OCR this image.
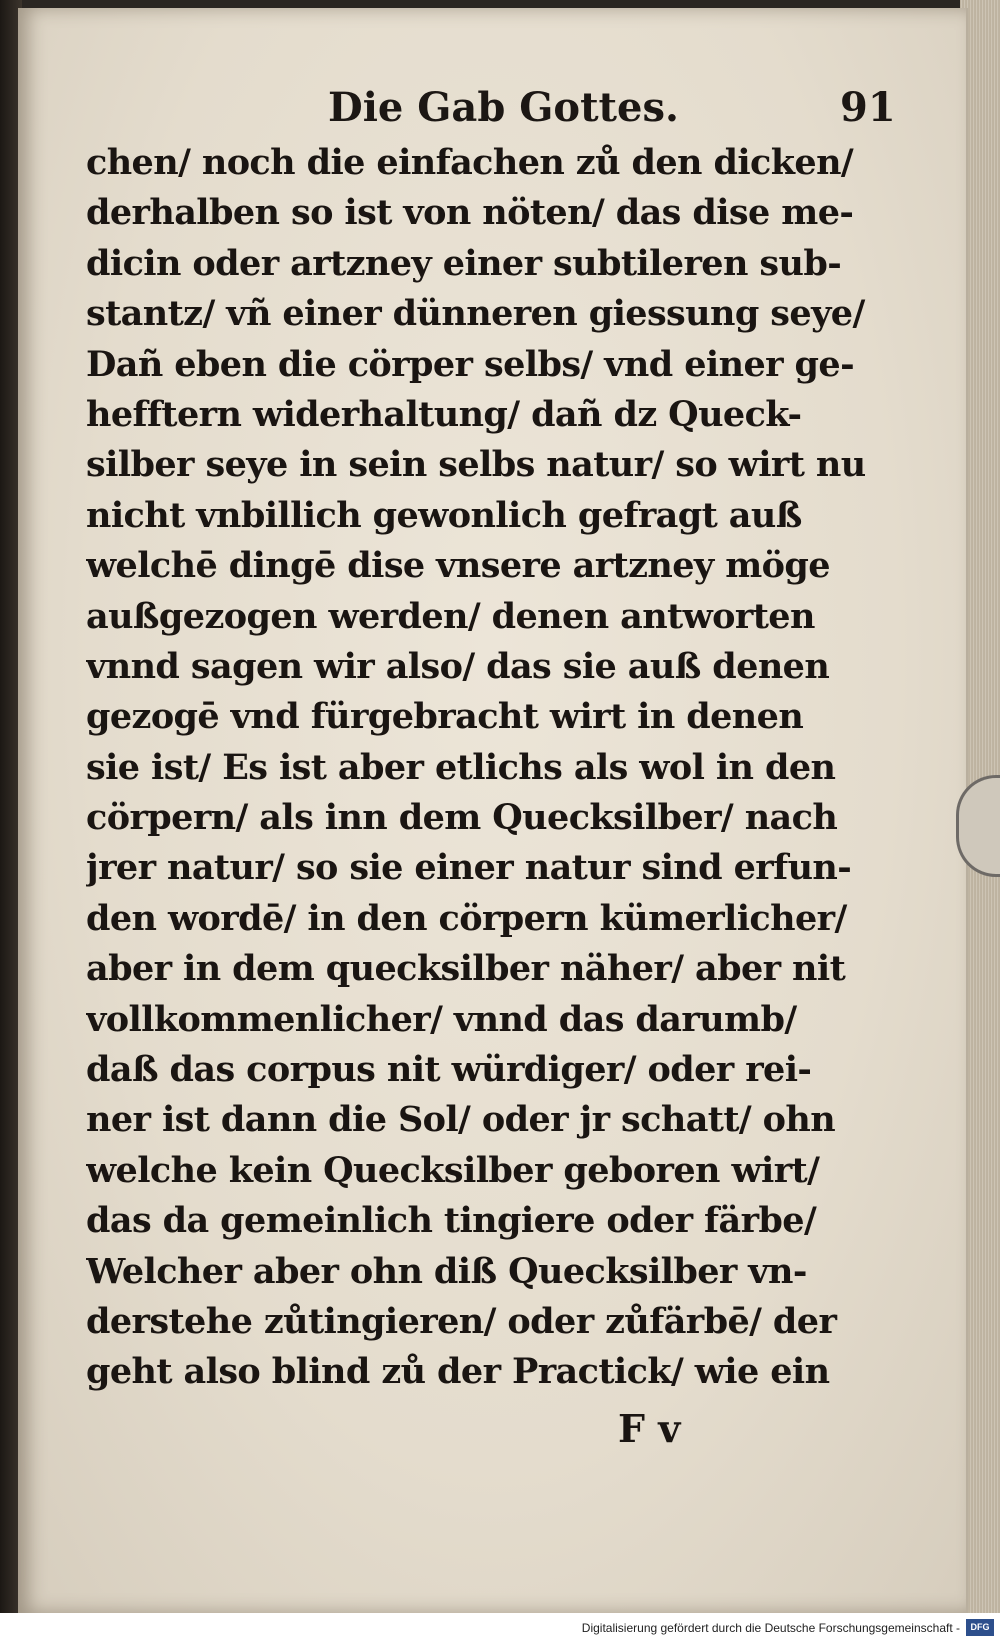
Die Gab Gottes.	91
chen/ noch die einfachen zů den dicken/
derhalben so ist von nöten/ das dise me-
dicin oder artzney einer subtileren sub-
stantz/ vñ einer dünneren giessung seye/
Dañ eben die cörper selbs/ vnd einer ge-
hefftern widerhaltung/ dañ dz Queck-
silber seye in sein selbs natur/ so wirt nu
nicht vnbillich gewonlich gefragt auß
welchē dingē dise vnsere artzney möge
außgezogen werden/ denen antworten
vnnd sagen wir also/ das sie auß denen
gezogē vnd fürgebracht wirt in denen
sie ist/ Es ist aber etlichs als wol in den
cörpern/ als inn dem Quecksilber/ nach
jrer natur/ so sie einer natur sind erfun-
den wordē/ in den cörpern kümerlicher/
aber in dem quecksilber näher/ aber nit
vollkommenlicher/ vnnd das darumb/
daß das corpus nit würdiger/ oder rei-
ner ist dann die Sol/ oder jr schatt/ ohn
welche kein Quecksilber geboren wirt/
das da gemeinlich tingiere oder färbe/
Welcher aber ohn diß Quecksilber vn-
derstehe zůtingieren/ oder zůfärbē/ der
geht also blind zů der Practick/ wie ein
F v
Digitalisierung gefördert durch die Deutsche Forschungsgemeinschaft -	DFG
